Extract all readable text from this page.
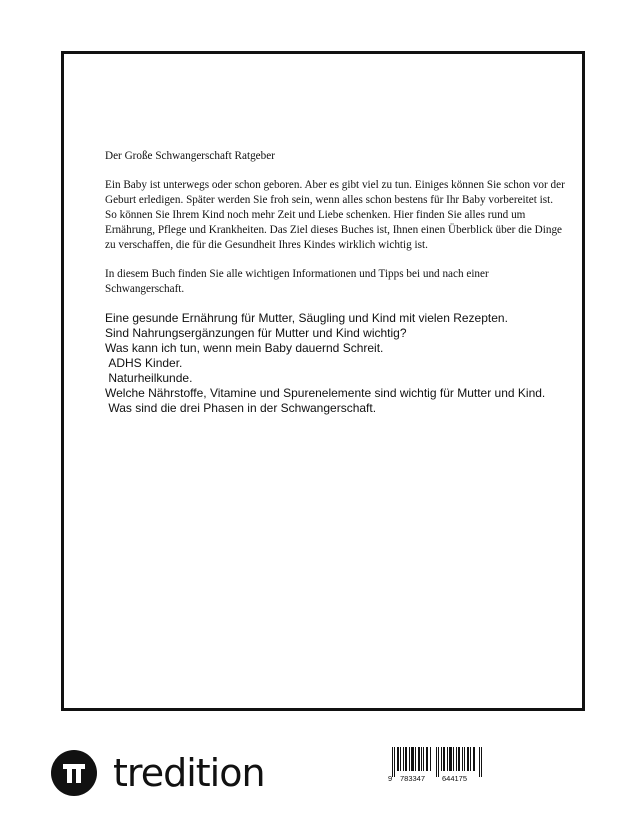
Der Große Schwangerschaft Ratgeber

Ein Baby ist unterwegs oder schon geboren. Aber es gibt viel zu tun. Einiges können Sie schon vor der Geburt erledigen. Später werden Sie froh sein, wenn alles schon bestens für Ihr Baby vorbereitet ist. So können Sie Ihrem Kind noch mehr Zeit und Liebe schenken. Hier finden Sie alles rund um Ernährung, Pflege und Krankheiten. Das Ziel dieses Buches ist, Ihnen einen Überblick über die Dinge zu verschaffen, die für die Gesundheit Ihres Kindes wirklich wichtig ist.

In diesem Buch finden Sie alle wichtigen Informationen und Tipps bei und nach einer Schwangerschaft.

Eine gesunde Ernährung für Mutter, Säugling und Kind mit vielen Rezepten.
Sind Nahrungsergänzungen für Mutter und Kind wichtig?
Was kann ich tun, wenn mein Baby dauernd Schreit.
ADHS Kinder.
Naturheilkunde.
Welche Nährstoffe, Vitamine und Spurenelemente sind wichtig für Mutter und Kind.
Was sind die drei Phasen in der Schwangerschaft.
tredition	9 783347 644175
